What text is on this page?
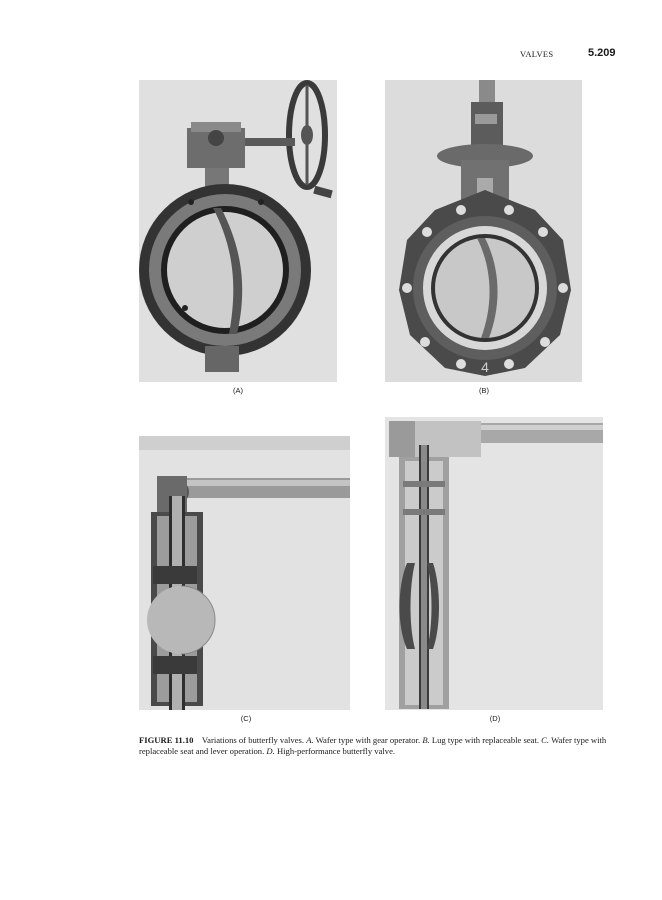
VALVES	5.209
(A)
4
(B)
(C)	(D)
FIGURE 11.10 Variations of butterfly valves. A. Wafer type with gear operator. B. Lug type with replaceable seat. C. Wafer type with replaceable seat and lever operation. D. High-performance butterfly valve.
